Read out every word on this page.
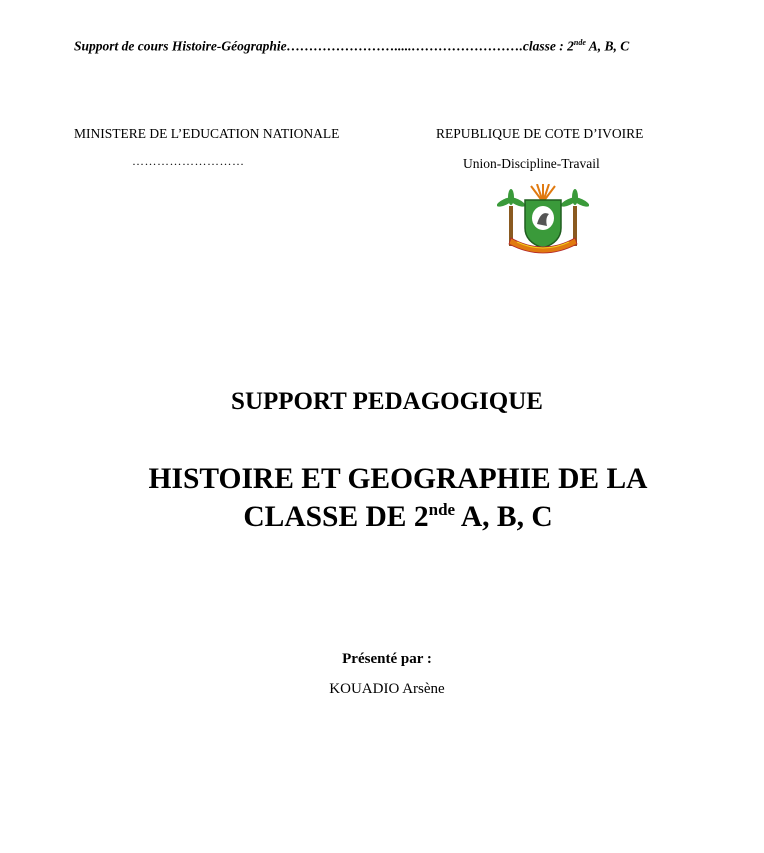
Support de cours Histoire-Géographie…………………….....…………………….classe : 2nde A, B, C
MINISTERE DE L’EDUCATION NATIONALE
………………………
REPUBLIQUE DE COTE D’IVOIRE
Union-Discipline-Travail
SUPPORT PEDAGOGIQUE
HISTOIRE ET GEOGRAPHIE DE LA
CLASSE DE 2nde A, B, C
Présenté par :
KOUADIO Arsène
